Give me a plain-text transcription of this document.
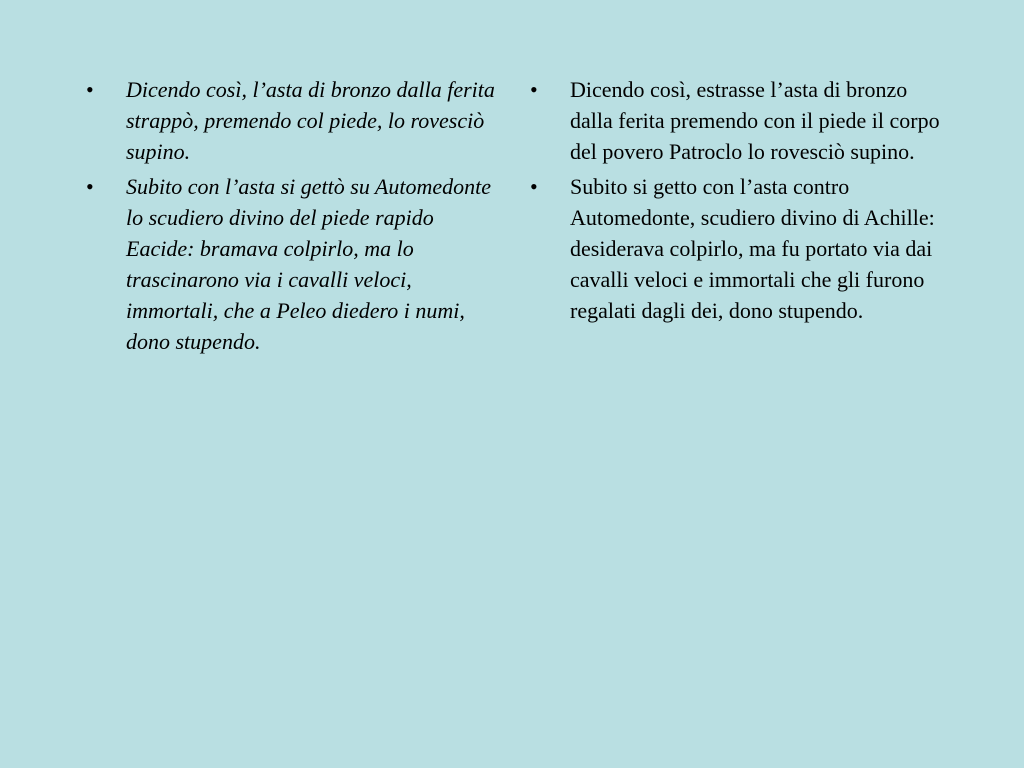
• Dicendo così, l’asta di bronzo dalla ferita strappò, premendo col piede, lo rovesciò supino.
• Subito con l’asta si gettò su Automedonte lo scudiero divino del piede rapido Eacide: bramava colpirlo, ma lo trascinarono via i cavalli veloci, immortali, che a Peleo diedero i numi, dono stupendo.
• Dicendo così, estrasse l’asta di bronzo dalla ferita premendo con il piede il corpo del povero Patroclo lo rovesciò supino.
• Subito si getto con l’asta contro Automedonte, scudiero divino di Achille: desiderava colpirlo, ma fu portato via dai cavalli veloci e immortali che gli furono regalati dagli dei, dono stupendo.
